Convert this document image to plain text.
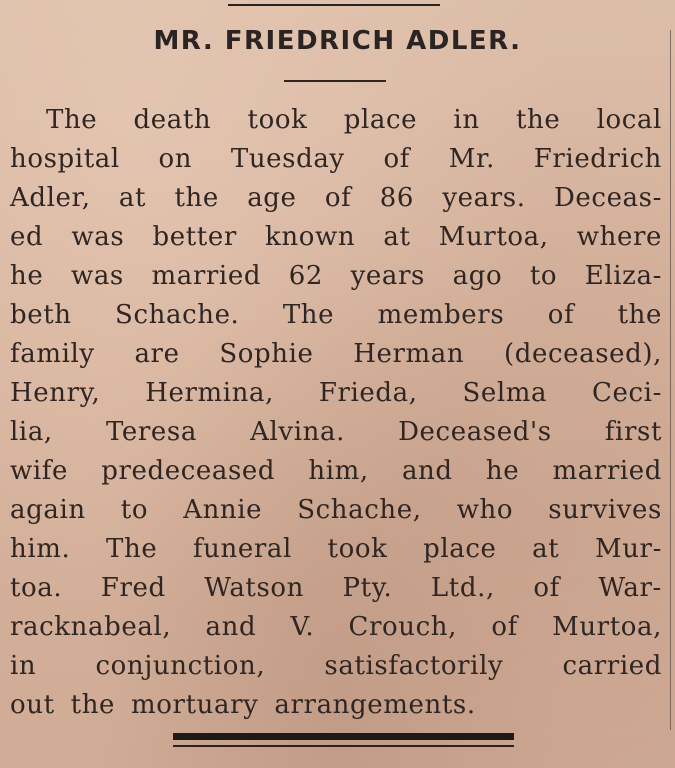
MR. FRIEDRICH ADLER.
The death took place in the local
hospital on Tuesday of Mr. Friedrich
Adler, at the age of 86 years. Deceas-
ed was better known at Murtoa, where
he was married 62 years ago to Eliza-
beth Schache. The members of the
family are Sophie Herman (deceased),
Henry, Hermina, Frieda, Selma Ceci-
lia, Teresa Alvina. Deceased's first
wife predeceased him, and he married
again to Annie Schache, who survives
him. The funeral took place at Mur-
toa. Fred Watson Pty. Ltd., of War-
racknabeal, and V. Crouch, of Murtoa,
in conjunction, satisfactorily carried
out the mortuary arrangements.
